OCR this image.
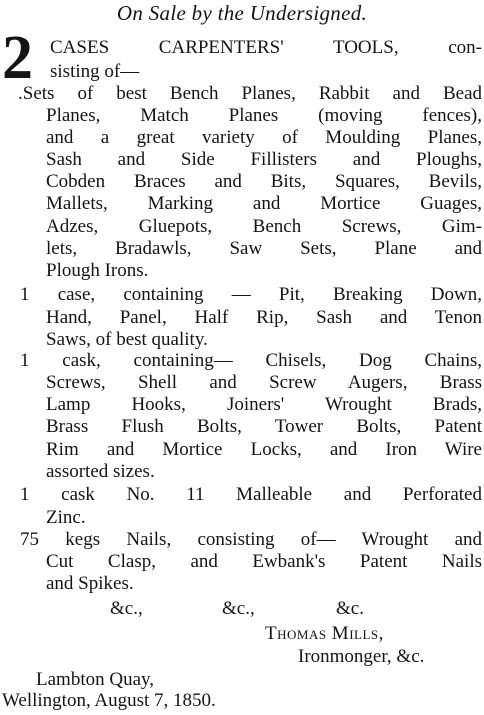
On Sale by the Undersigned.
2 CASES CARPENTERS' TOOLS, con-
sisting of—
.Sets of best Bench Planes, Rabbit and Bead
Planes, Match Planes (moving fences),
and a great variety of Moulding Planes,
Sash and Side Fillisters and Ploughs,
Cobden Braces and Bits, Squares, Bevils,
Mallets, Marking and Mortice Guages,
Adzes, Gluepots, Bench Screws, Gim-
lets, Bradawls, Saw Sets, Plane and
Plough Irons.
1 case, containing — Pit, Breaking Down,
Hand, Panel, Half Rip, Sash and Tenon
Saws, of best quality.
1 cask, containing— Chisels, Dog Chains,
Screws, Shell and Screw Augers, Brass
Lamp Hooks, Joiners' Wrought Brads,
Brass Flush Bolts, Tower Bolts, Patent
Rim and Mortice Locks, and Iron Wire
assorted sizes.
1 cask No. 11 Malleable and Perforated
Zinc.
75 kegs Nails, consisting of— Wrought and
Cut Clasp, and Ewbank's Patent Nails
and Spikes.
&c.,	&c.,	&c.
Thomas Mills,
Ironmonger, &c.
Lambton Quay,
Wellington, August 7, 1850.
